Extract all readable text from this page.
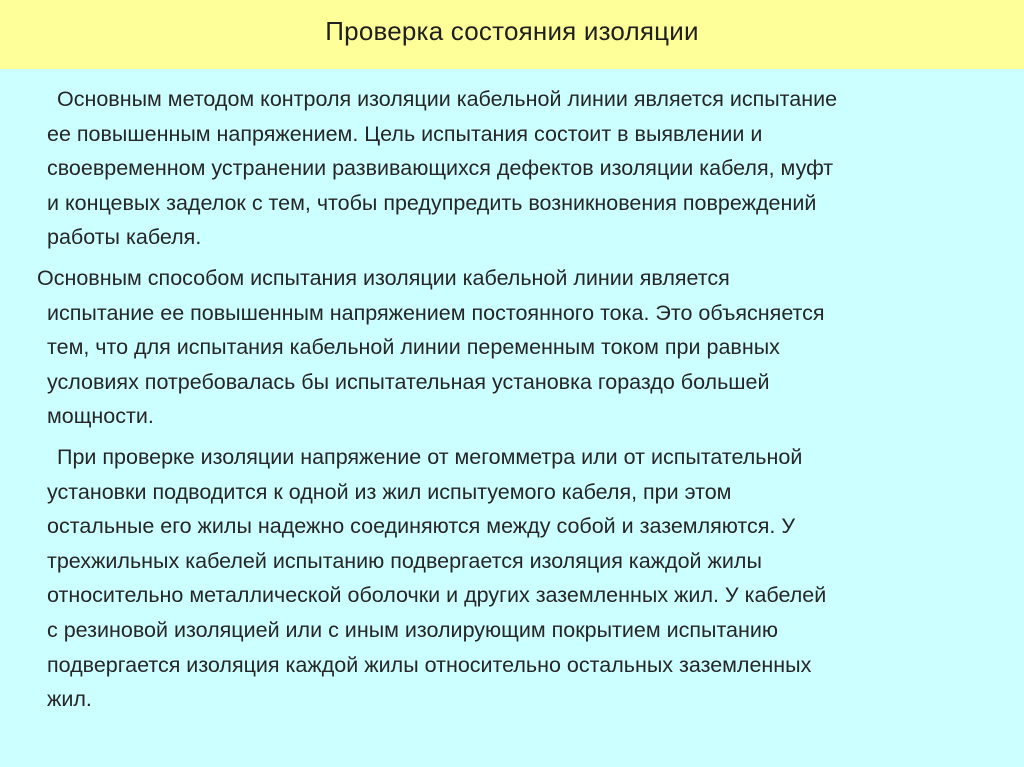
Проверка состояния изоляции

Основным методом контроля изоляции кабельной линии является испытание
ее повышенным напряжением. Цель испытания состоит в выявлении и
своевременном устранении развивающихся дефектов изоляции кабеля, муфт
и концевых заделок с тем, чтобы предупредить возникновения повреждений
работы кабеля.

Основным способом испытания изоляции кабельной линии является
испытание ее повышенным напряжением постоянного тока. Это объясняется
тем, что для испытания кабельной линии переменным током при равных
условиях потребовалась бы испытательная установка гораздо большей
мощности.

При проверке изоляции напряжение от мегомметра или от испытательной
установки подводится к одной из жил испытуемого кабеля, при этом
остальные его жилы надежно соединяются между собой и заземляются. У
трехжильных кабелей испытанию подвергается изоляция каждой жилы
относительно металлической оболочки и других заземленных жил. У кабелей
с резиновой изоляцией или с иным изолирующим покрытием испытанию
подвергается изоляция каждой жилы относительно остальных заземленных
жил.
